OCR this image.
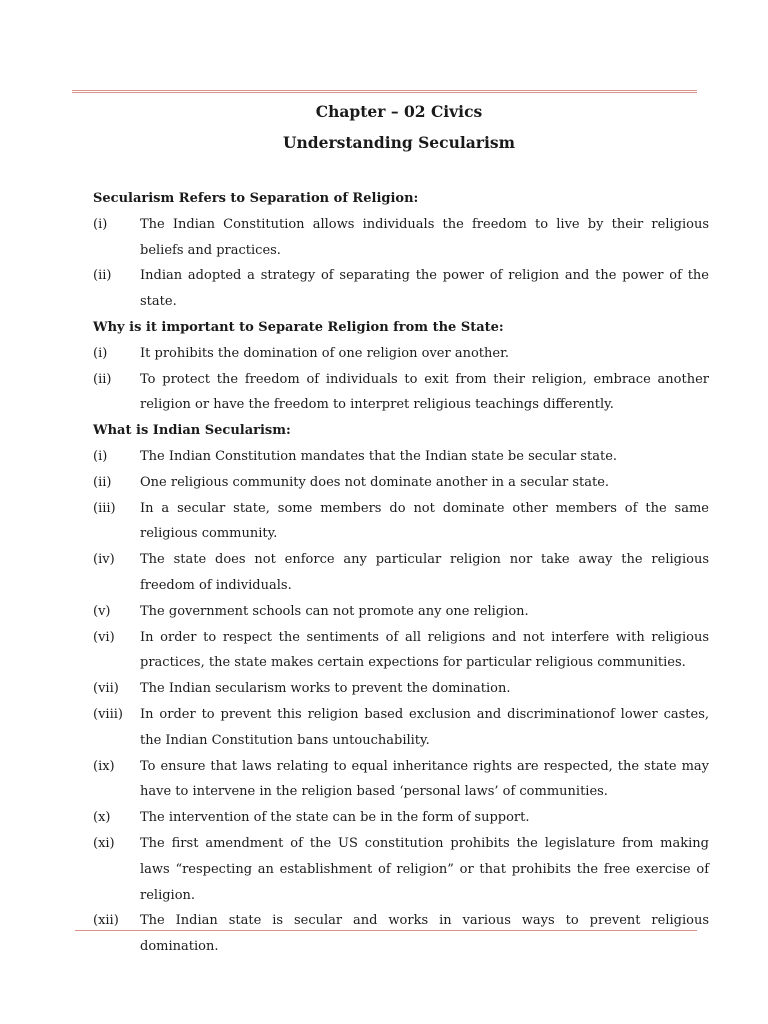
Chapter – 02 Civics
Understanding Secularism
Secularism Refers to Separation of Religion:
(i)	The Indian Constitution allows individuals the freedom to live by their religious beliefs and practices.
(ii)	Indian adopted a strategy of separating the power of religion and the power of the state.
Why is it important to Separate Religion from the State:
(i)	It prohibits the domination of one religion over another.
(ii)	To protect the freedom of individuals to exit from their religion, embrace another religion or have the freedom to interpret religious teachings differently.
What is Indian Secularism:
(i)	The Indian Constitution mandates that the Indian state be secular state.
(ii)	One religious community does not dominate another in a secular state.
(iii)	In a secular state, some members do not dominate other members of the same religious community.
(iv)	The state does not enforce any particular religion nor take away the religious freedom of individuals.
(v)	The government schools can not promote any one religion.
(vi)	In order to respect the sentiments of all religions and not interfere with religious practices, the state makes certain expections for particular religious communities.
(vii)	The Indian secularism works to prevent the domination.
(viii)	In order to prevent this religion based exclusion and discriminationof lower castes, the Indian Constitution bans untouchability.
(ix)	To ensure that laws relating to equal inheritance rights are respected, the state may have to intervene in the religion based ‘personal laws’ of communities.
(x)	The intervention of the state can be in the form of support.
(xi)	The first amendment of the US constitution prohibits the legislature from making laws “respecting an establishment of religion” or that prohibits the free exercise of religion.
(xii)	The Indian state is secular and works in various ways to prevent religious domination.
